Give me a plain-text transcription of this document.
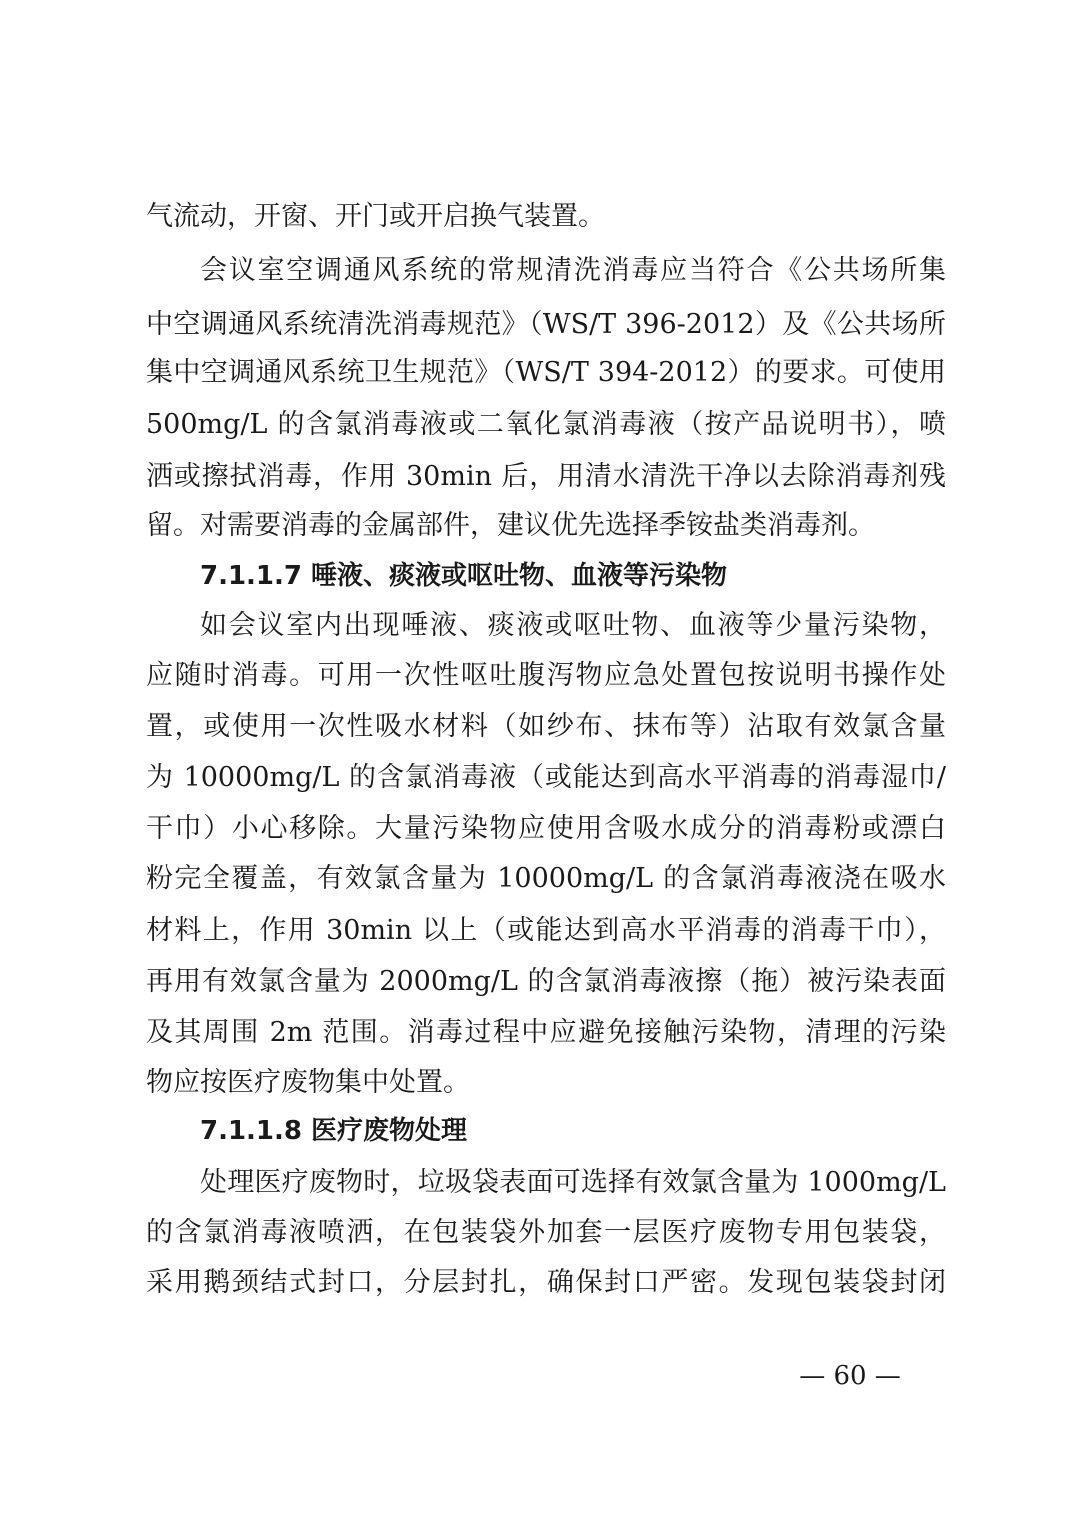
气流动，开窗、开门或开启换气装置。
会议室空调通风系统的常规清洗消毒应当符合《公共场所集
中空调通风系统清洗消毒规范》（WS/T 396-2012）及《公共场所
集中空调通风系统卫生规范》（WS/T 394-2012）的要求。可使用
500mg/L 的含氯消毒液或二氧化氯消毒液（按产品说明书），喷
洒或擦拭消毒，作用 30min 后，用清水清洗干净以去除消毒剂残
留。对需要消毒的金属部件，建议优先选择季铵盐类消毒剂。
7.1.1.7 唾液、痰液或呕吐物、血液等污染物
如会议室内出现唾液、痰液或呕吐物、血液等少量污染物，
应随时消毒。可用一次性呕吐腹泻物应急处置包按说明书操作处
置，或使用一次性吸水材料（如纱布、抹布等）沾取有效氯含量
为 10000mg/L 的含氯消毒液（或能达到高水平消毒的消毒湿巾/
干巾）小心移除。大量污染物应使用含吸水成分的消毒粉或漂白
粉完全覆盖，有效氯含量为 10000mg/L 的含氯消毒液浇在吸水
材料上，作用 30min 以上（或能达到高水平消毒的消毒干巾），
再用有效氯含量为 2000mg/L 的含氯消毒液擦（拖）被污染表面
及其周围 2m 范围。消毒过程中应避免接触污染物，清理的污染
物应按医疗废物集中处置。
7.1.1.8 医疗废物处理
处理医疗废物时，垃圾袋表面可选择有效氯含量为 1000mg/L
的含氯消毒液喷洒，在包装袋外加套一层医疗废物专用包装袋，
采用鹅颈结式封口，分层封扎，确保封口严密。发现包装袋封闭
— 60 —
